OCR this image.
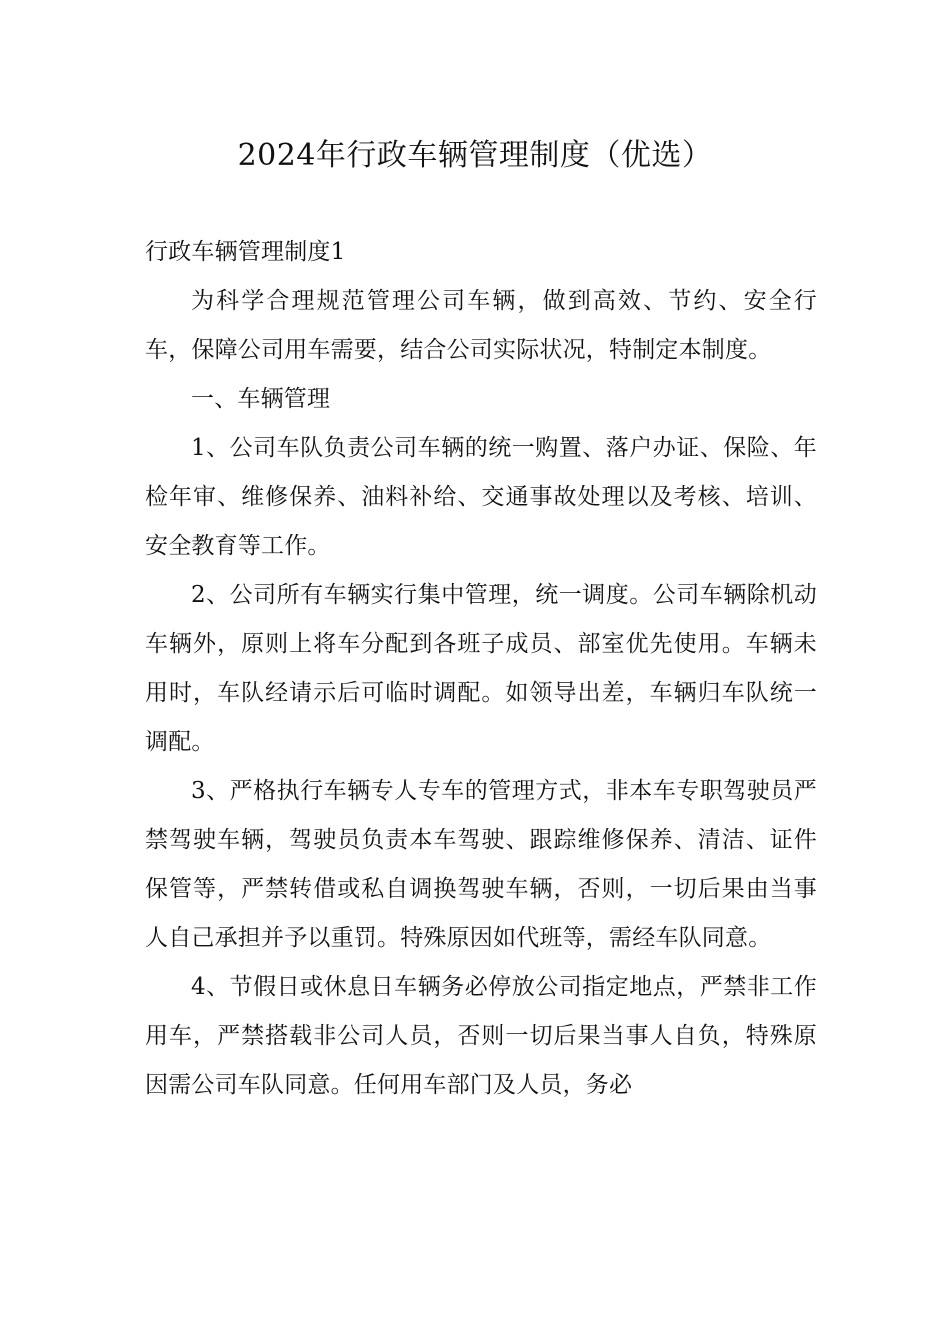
2024年行政车辆管理制度（优选）

行政车辆管理制度1

为科学合理规范管理公司车辆，做到高效、节约、安全行车，保障公司用车需要，结合公司实际状况，特制定本制度。

一、车辆管理

1、公司车队负责公司车辆的统一购置、落户办证、保险、年检年审、维修保养、油料补给、交通事故处理以及考核、培训、安全教育等工作。

2、公司所有车辆实行集中管理，统一调度。公司车辆除机动车辆外，原则上将车分配到各班子成员、部室优先使用。车辆未用时，车队经请示后可临时调配。如领导出差，车辆归车队统一调配。

3、严格执行车辆专人专车的管理方式，非本车专职驾驶员严禁驾驶车辆，驾驶员负责本车驾驶、跟踪维修保养、清洁、证件保管等，严禁转借或私自调换驾驶车辆，否则，一切后果由当事人自己承担并予以重罚。特殊原因如代班等，需经车队同意。

4、节假日或休息日车辆务必停放公司指定地点，严禁非工作用车，严禁搭载非公司人员，否则一切后果当事人自负，特殊原因需公司车队同意。任何用车部门及人员，务必
